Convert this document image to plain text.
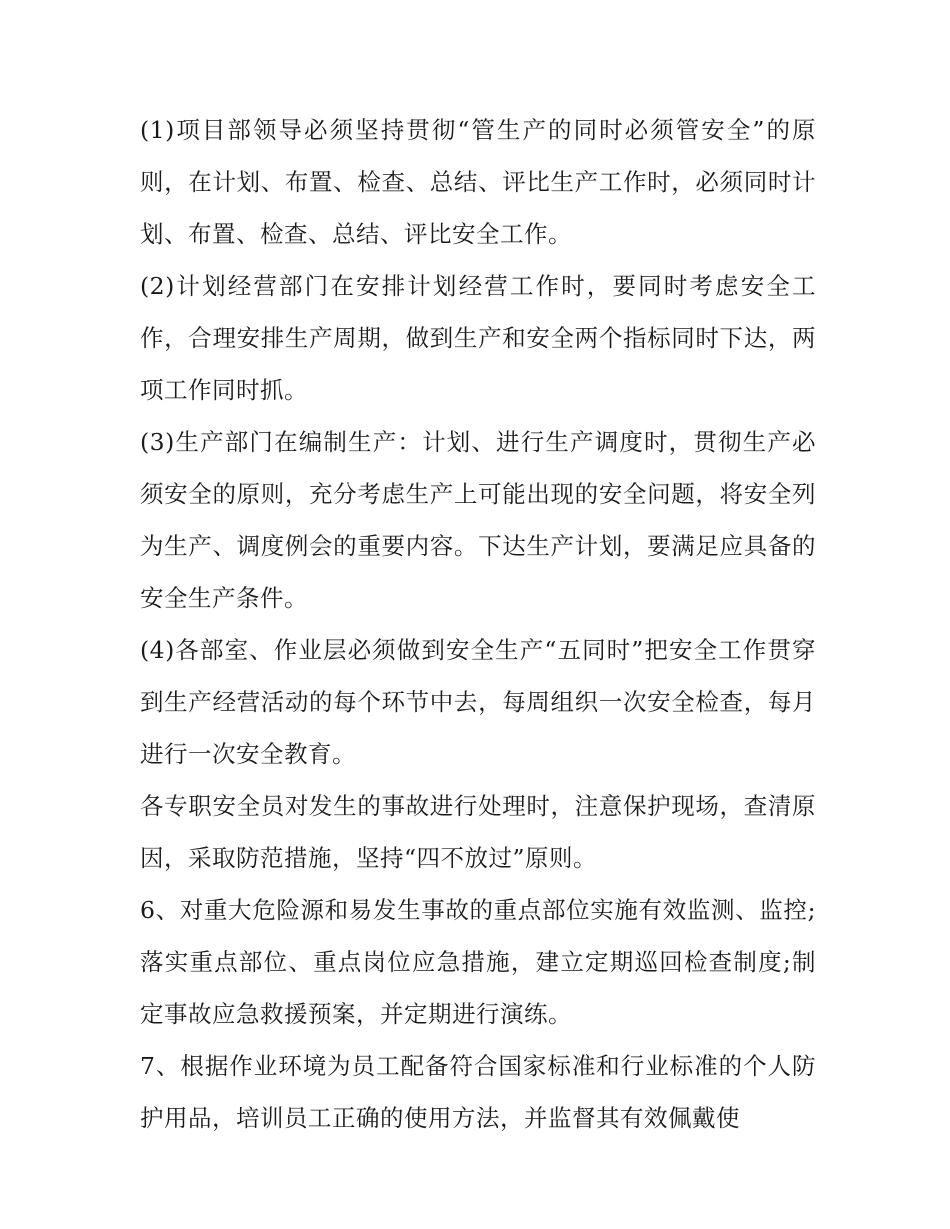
(1)项目部领导必须坚持贯彻“管生产的同时必须管安全”的原则，在计划、布置、检查、总结、评比生产工作时，必须同时计划、布置、检查、总结、评比安全工作。

(2)计划经营部门在安排计划经营工作时，要同时考虑安全工作，合理安排生产周期，做到生产和安全两个指标同时下达，两项工作同时抓。

(3)生产部门在编制生产：计划、进行生产调度时，贯彻生产必须安全的原则，充分考虑生产上可能出现的安全问题，将安全列为生产、调度例会的重要内容。下达生产计划，要满足应具备的安全生产条件。

(4)各部室、作业层必须做到安全生产“五同时”把安全工作贯穿到生产经营活动的每个环节中去，每周组织一次安全检查，每月进行一次安全教育。

各专职安全员对发生的事故进行处理时，注意保护现场，查清原因，采取防范措施，坚持“四不放过”原则。

6、对重大危险源和易发生事故的重点部位实施有效监测、监控;落实重点部位、重点岗位应急措施，建立定期巡回检查制度;制定事故应急救援预案，并定期进行演练。

7、根据作业环境为员工配备符合国家标准和行业标准的个人防护用品，培训员工正确的使用方法，并监督其有效佩戴使
